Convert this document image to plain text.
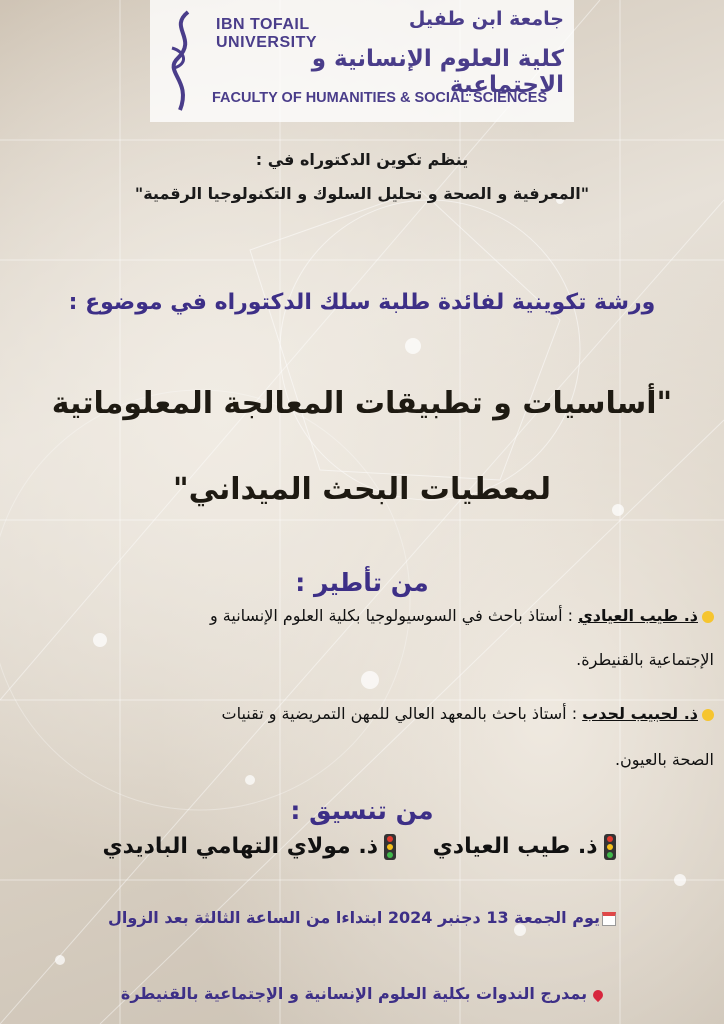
IBN TOFAIL UNIVERSITY
جامعة ابن طفيل
كلية العلوم الإنسانية و الاجتماعية
FACULTY OF HUMANITIES & SOCIAL SCIENCES
ينظم تكوين الدكتوراه في :
"المعرفية و الصحة و تحليل السلوك و التكنولوجيا الرقمية"
ورشة تكوينية لفائدة طلبة سلك الدكتوراه في موضوع :
"أساسيات و تطبيقات المعالجة المعلوماتية
لمعطيات البحث الميداني"
من تأطير :
ذ. طيب العيادي : أستاذ باحث في السوسيولوجيا بكلية العلوم الإنسانية و
الإجتماعية بالقنيطرة.
ذ. لحبيب لحدب : أستاذ باحث بالمعهد العالي للمهن التمريضية و تقنيات
الصحة بالعيون.
من تنسيق :
ذ. طيب العيادي
ذ. مولاي التهامي الباديدي
يوم الجمعة 13 دجنبر 2024 ابتداءا من الساعة الثالثة بعد الزوال
بمدرج الندوات بكلية العلوم الإنسانية و الإجتماعية بالقنيطرة
